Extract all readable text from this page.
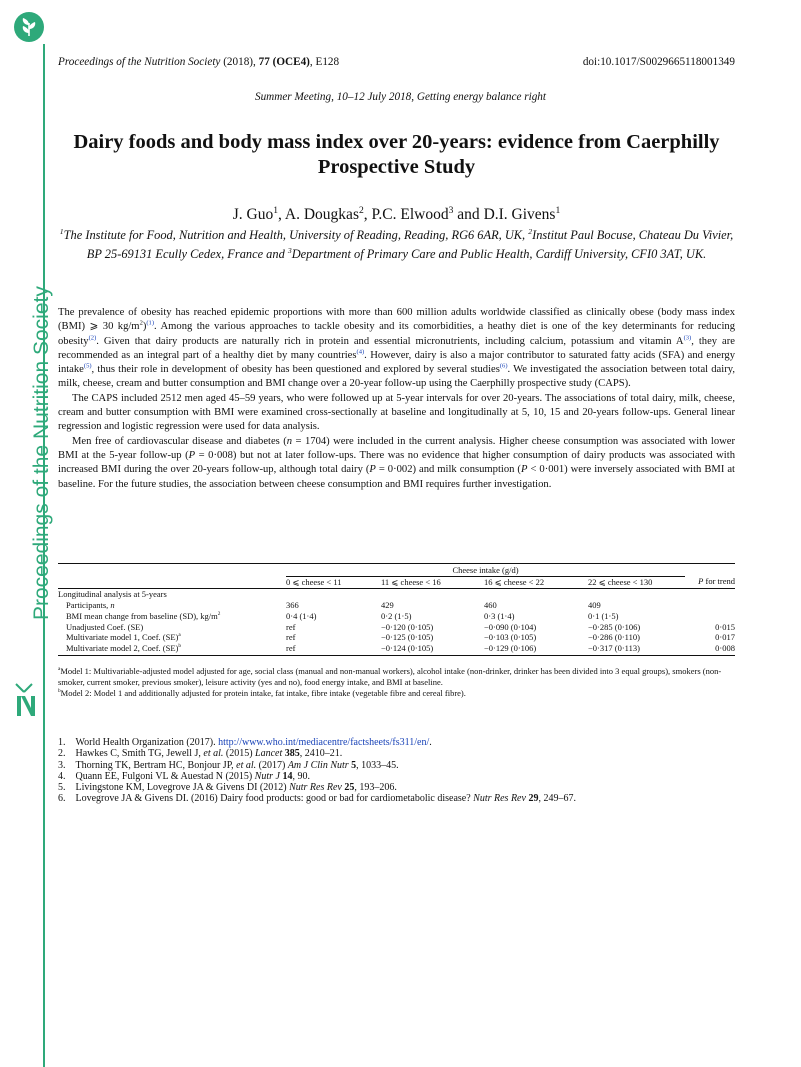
Proceedings of the Nutrition Society
Proceedings of the Nutrition Society (2018), 77 (OCE4), E128	doi:10.1017/S0029665118001349
Summer Meeting, 10–12 July 2018, Getting energy balance right
Dairy foods and body mass index over 20-years: evidence from Caerphilly
Prospective Study
J. Guo$^1$, A. Dougkas$^2$, P.C. Elwood$^3$ and D.I. Givens$^1$
$^1$The Institute for Food, Nutrition and Health, University of Reading, Reading, RG6 6AR, UK, $^2$Institut Paul Bocuse, Chateau Du Vivier, BP 25-69131 Ecully Cedex, France and $^3$Department of Primary Care and Public Health, Cardiff University, CFI0 3AT, UK.

The prevalence of obesity has reached epidemic proportions with more than 600 million adults worldwide classified as clinically obese (body mass index (BMI) ⩾ 30 $kg/m^2)^{(1)}$. Among the various approaches to tackle obesity and its comorbidities, a heathy diet is one of the key determinants for reducing obesity$^{(2)}$. Given that dairy products are naturally rich in protein and essential micronutrients, including calcium, potassium and vitamin A$^{(3)}$, they are recommended as an integral part of a healthy diet by many countries$^{(4)}$. However, dairy is also a major contributor to saturated fatty acids (SFA) and energy intake$^{(5)}$, thus their role in development of obesity has been questioned and explored by several studies$^{(6)}$. We investigated the association between total dairy, milk, cheese, cream and butter consumption and BMI change over a 20-year follow-up using the Caerphilly prospective study (CAPS).

The CAPS included 2512 men aged 45–59 years, who were followed up at 5-year intervals for over 20-years. The associations of total dairy, milk, cheese, cream and butter consumption with BMI were examined cross-sectionally at baseline and longitudinally at 5, 10, 15 and 20-years follow-ups. General linear regression and logistic regression were used for data analysis.

Men free of cardiovascular disease and diabetes (n = 1704) were included in the current analysis. Higher cheese consumption was associated with lower BMI at the 5-year follow-up (P = 0·008) but not at later follow-ups. There was no evidence that higher consumption of dairy products was associated with increased BMI during the over 20-years follow-up, although total dairy (P = 0·002) and milk consumption (P < 0·001) were inversely associated with BMI at baseline. For the future studies, the association between cheese consumption and BMI requires further investigation.

	Cheese intake (g/d)				
	0 ⩽ cheese < 11	11 ⩽ cheese < 16	16 ⩽ cheese < 22	22 ⩽ cheese < 130	P for trend
Longitudinal analysis at 5-years					
Participants, n	366	429	460	409	
BMI mean change from baseline (SD), $kg/m^2$	0·4 (1·4)	0·2 (1·5)	0·3 (1·4)	0·1 (1·5)	
Unadjusted Coef. (SE)	ref	−0·120 (0·105)	−0·090 (0·104)	−0·285 (0·106)	0·015
Multivariate model 1, Coef. (SE)$^a$	ref	−0·125 (0·105)	−0·103 (0·105)	−0·286 (0·110)	0·017
Multivariate model 2, Coef. (SE)$^b$	ref	−0·124 (0·105)	−0·129 (0·106)	−0·317 (0·113)	0·008

$^a$Model 1: Multivariable-adjusted model adjusted for age, social class (manual and non-manual workers), alcohol intake (non-drinker, drinker has been divided into 3 equal groups), smokers (non-smoker, current smoker, previous smoker), leisure activity (yes and no), food energy intake, and BMI at baseline.

$^b$Model 2: Model 1 and additionally adjusted for protein intake, fat intake, fibre intake (vegetable fibre and cereal fibre).

1. World Health Organization (2017). http://www.who.int/mediacentre/factsheets/fs311/en/.
2. Hawkes C, Smith TG, Jewell J, et al. (2015) Lancet 385, 2410–21.
3. Thorning TK, Bertram HC, Bonjour JP, et al. (2017) Am J Clin Nutr 5, 1033–45.
4. Quann EE, Fulgoni VL & Auestad N (2015) Nutr J 14, 90.
5. Livingstone KM, Lovegrove JA & Givens DI (2012) Nutr Res Rev 25, 193–206.
6. Lovegrove JA & Givens DI. (2016) Dairy food products: good or bad for cardiometabolic disease? Nutr Res Rev 29, 249–67.
